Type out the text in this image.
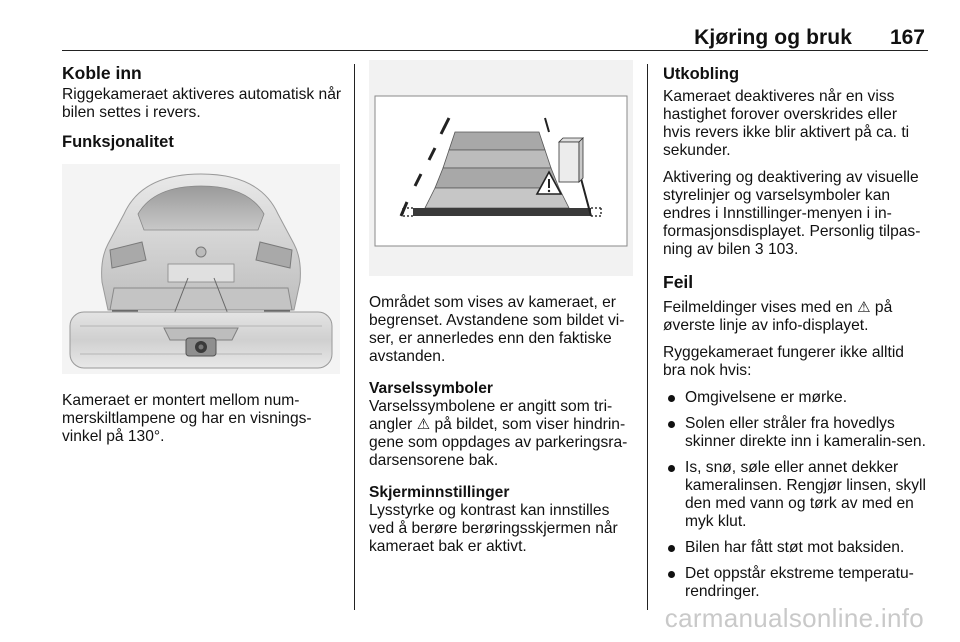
Kjøring og bruk 167
Koble inn

Riggekameraet aktiveres automatisk når bilen settes i revers.

Funksjonalitet

Kameraet er montert mellom num-merskiltlampene og har en visnings-vinkel på 130°.

Området som vises av kameraet, er begrenset. Avstandene som bildet vi-ser, er annerledes enn den faktiske avstanden.

Varselssymboler

Varselssymbolene er angitt som tri-angler ⚠ på bildet, som viser hindrin-gene som oppdages av parkeringsra-darsensorene bak.

Skjerminnstillinger

Lysstyrke og kontrast kan innstilles ved å berøre berøringsskjermen når kameraet bak er aktivt.

Utkobling

Kameraet deaktiveres når en viss hastighet forover overskrides eller hvis revers ikke blir aktivert på ca. ti sekunder.

Aktivering og deaktivering av visuelle styrelinjer og varselsymboler kan endres i Innstillinger-menyen i in-formasjonsdisplayet. Personlig tilpas-ning av bilen 3 103.

Feil

Feilmeldinger vises med en ⚠ på øverste linje av info-displayet.

Ryggekameraet fungerer ikke alltid bra nok hvis:

Omgivelsene er mørke.
Solen eller stråler fra hovedlys skinner direkte inn i kameralin-sen.
Is, snø, søle eller annet dekker kameralinsen. Rengjør linsen, skyll den med vann og tørk av med en myk klut.
Bilen har fått støt mot baksiden.
Det oppstår ekstreme temperatu-rendringer.
carmanualsonline.info
